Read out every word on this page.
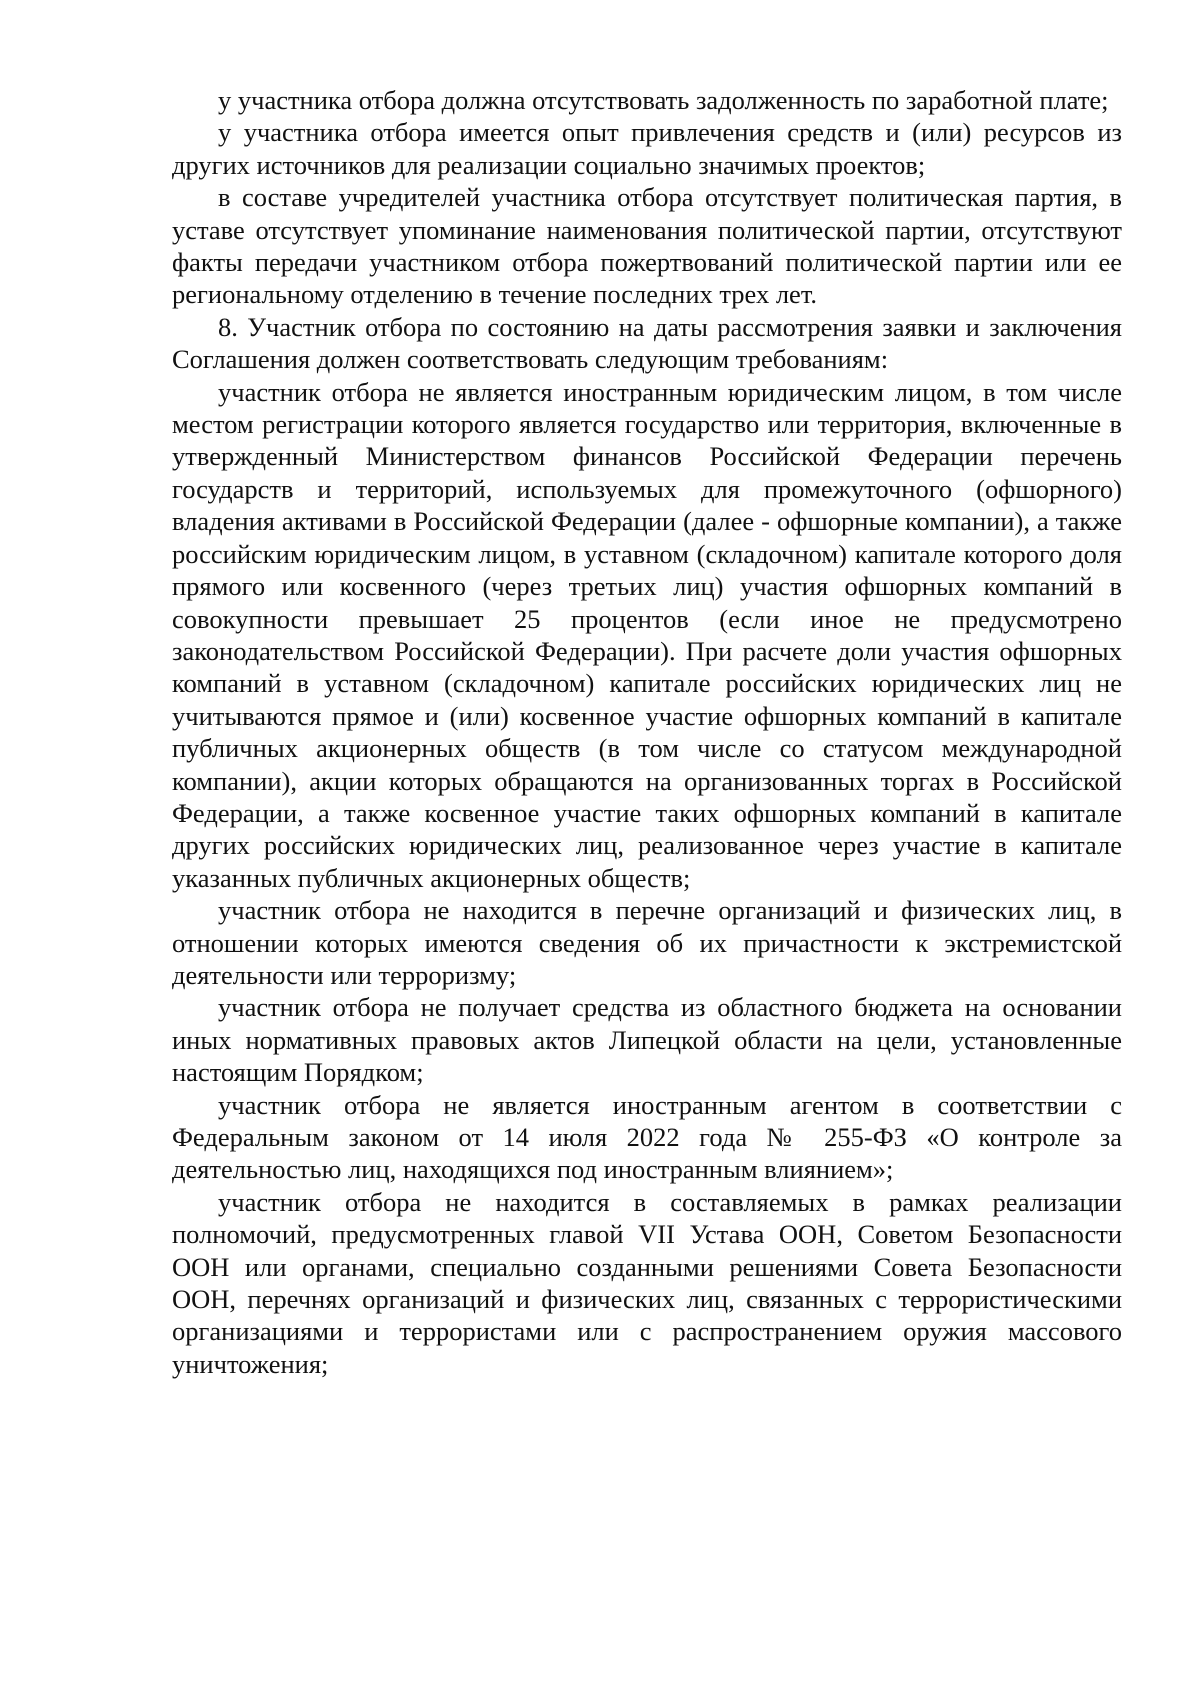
у участника отбора должна отсутствовать задолженность по заработной плате;

у участника отбора имеется опыт привлечения средств и (или) ресурсов из других источников для реализации социально значимых проектов;

в составе учредителей участника отбора отсутствует политическая партия, в уставе отсутствует упоминание наименования политической партии, отсутствуют факты передачи участником отбора пожертвований политической партии или ее региональному отделению в течение последних трех лет.

8. Участник отбора по состоянию на даты рассмотрения заявки и заключения Соглашения должен соответствовать следующим требованиям:

участник отбора не является иностранным юридическим лицом, в том числе местом регистрации которого является государство или территория, включенные в утвержденный Министерством финансов Российской Федерации перечень государств и территорий, используемых для промежуточного (офшорного) владения активами в Российской Федерации (далее - офшорные компании), а также российским юридическим лицом, в уставном (складочном) капитале которого доля прямого или косвенного (через третьих лиц) участия офшорных компаний в совокупности превышает 25 процентов (если иное не предусмотрено законодательством Российской Федерации). При расчете доли участия офшорных компаний в уставном (складочном) капитале российских юридических лиц не учитываются прямое и (или) косвенное участие офшорных компаний в капитале публичных акционерных обществ (в том числе со статусом международной компании), акции которых обращаются на организованных торгах в Российской Федерации, а также косвенное участие таких офшорных компаний в капитале других российских юридических лиц, реализованное через участие в капитале указанных публичных акционерных обществ;

участник отбора не находится в перечне организаций и физических лиц, в отношении которых имеются сведения об их причастности к экстремистской деятельности или терроризму;

участник отбора не получает средства из областного бюджета на основании иных нормативных правовых актов Липецкой области на цели, установленные настоящим Порядком;

участник отбора не является иностранным агентом в соответствии с Федеральным законом от 14 июля 2022 года № 255-ФЗ «О контроле за деятельностью лиц, находящихся под иностранным влиянием»;

участник отбора не находится в составляемых в рамках реализации полномочий, предусмотренных главой VII Устава ООН, Советом Безопасности ООН или органами, специально созданными решениями Совета Безопасности ООН, перечнях организаций и физических лиц, связанных с террористическими организациями и террористами или с распространением оружия массового уничтожения;
